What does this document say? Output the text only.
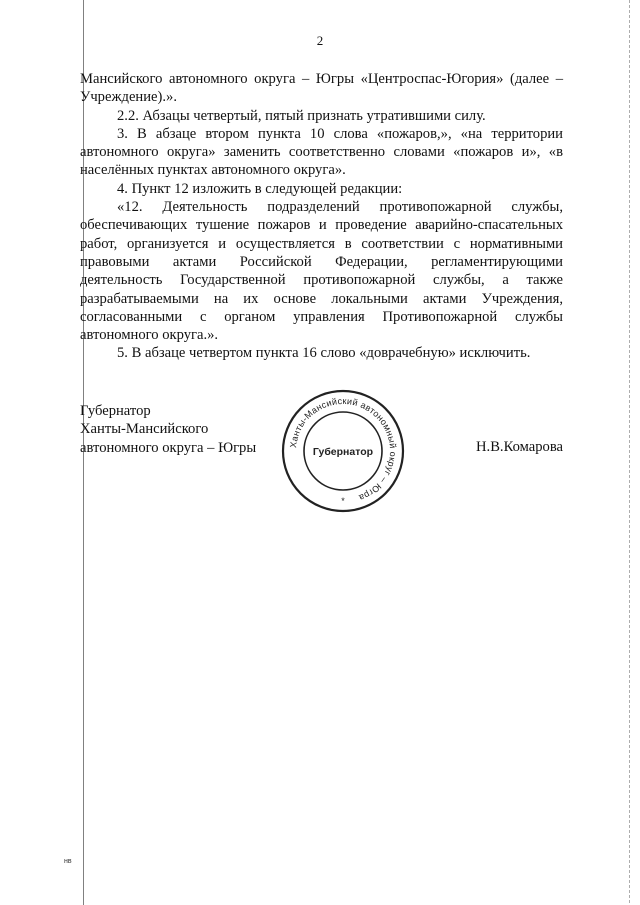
2

Мансийского автономного округа – Югры «Центроспас-Югория» (далее – Учреждение).».

2.2. Абзацы четвертый, пятый признать утратившими силу.

3. В абзаце втором пункта 10 слова «пожаров,», «на территории автономного округа» заменить соответственно словами «пожаров и», «в населённых пунктах автономного округа».

4. Пункт 12 изложить в следующей редакции:

«12. Деятельность подразделений противопожарной службы, обеспечивающих тушение пожаров и проведение аварийно-спасательных работ, организуется и осуществляется в соответствии с нормативными правовыми актами Российской Федерации, регламентирующими деятельность Государственной противопожарной службы, а также разрабатываемыми на их основе локальными актами Учреждения, согласованными с органом управления Противопожарной службы автономного округа.».

5. В абзаце четвертом пункта 16 слово «доврачебную» исключить.

Губернатор
Ханты-Мансийского
автономного округа – Югры	Н.В.Комарова
Ханты-Мансийский автономный округ – Югра
Губернатор
*
нв
